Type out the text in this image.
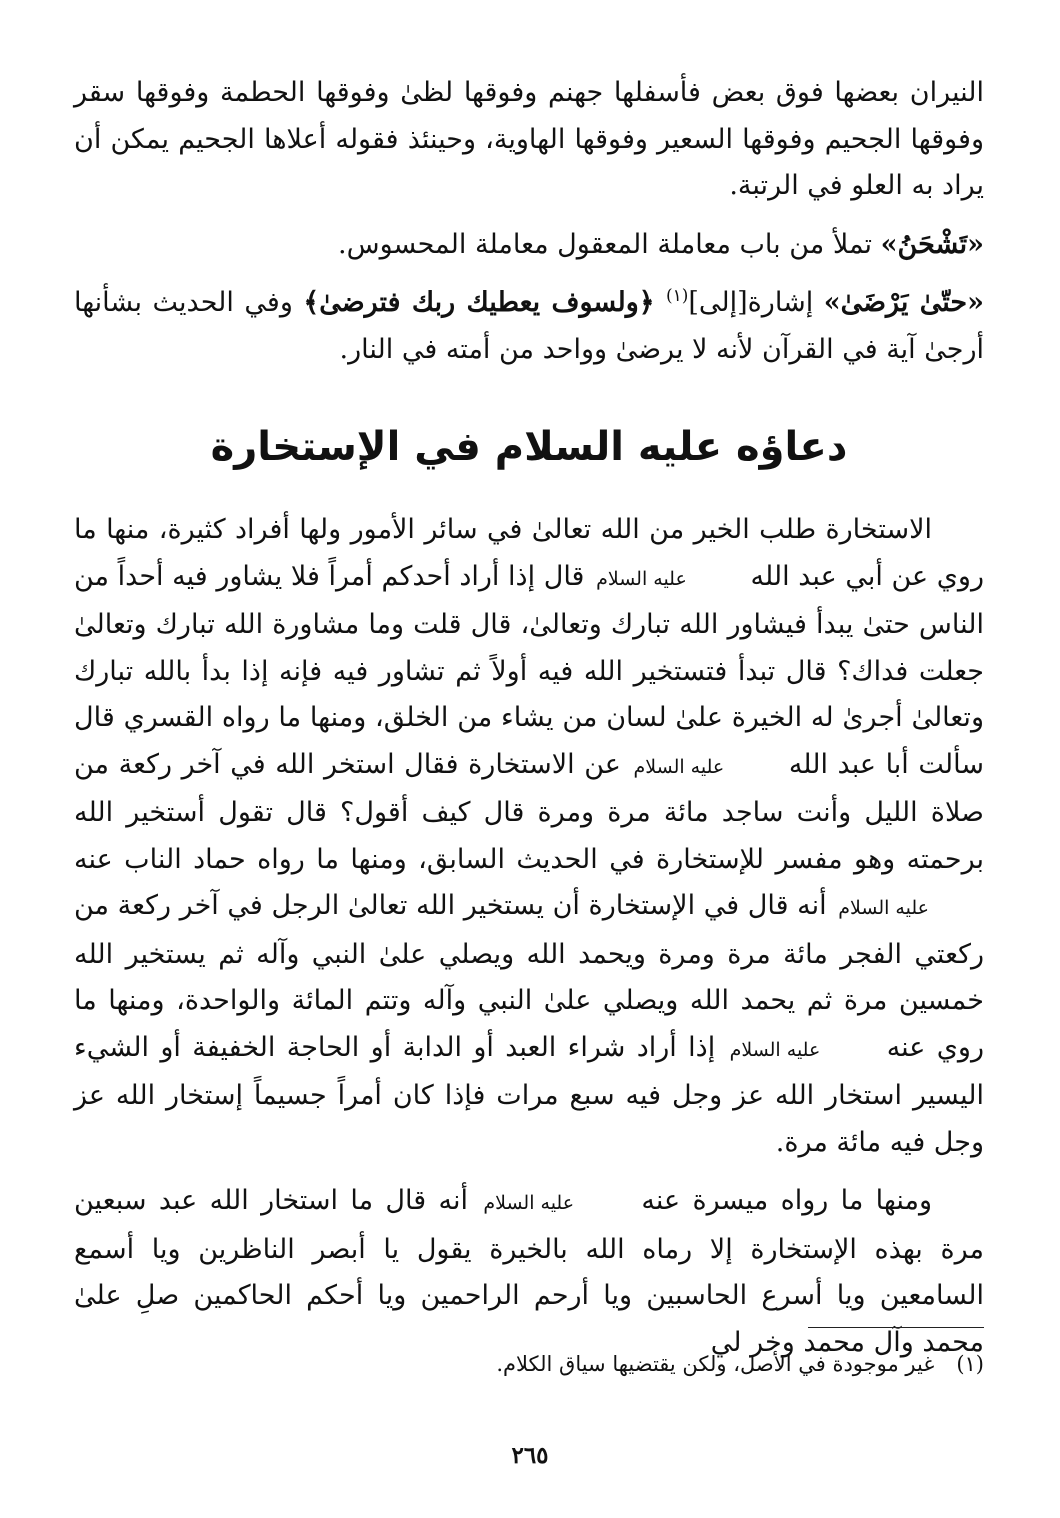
النيران بعضها فوق بعض فأسفلها جهنم وفوقها لظىٰ وفوقها الحطمة وفوقها سقر وفوقها الجحيم وفوقها السعير وفوقها الهاوية، وحينئذ فقوله أعلاها الجحيم يمكن أن يراد به العلو في الرتبة.

«تَشْحَنُ» تملأ من باب معاملة المعقول معاملة المحسوس.

«حتّىٰ يَرْضَىٰ» إشارة[إلى]$^{(١)}$ ﴿ولسوف يعطيك ربك فترضىٰ﴾ وفي الحديث بشأنها أرجىٰ آية في القرآن لأنه لا يرضىٰ وواحد من أمته في النار.

دعاؤه عليه السلام في الإستخارة

الاستخارة طلب الخير من الله تعالىٰ في سائر الأمور ولها أفراد كثيرة، منها ما روي عن أبي عبد الله عليه السلام قال إذا أراد أحدكم أمراً فلا يشاور فيه أحداً من الناس حتىٰ يبدأ فيشاور الله تبارك وتعالىٰ، قال قلت وما مشاورة الله تبارك وتعالىٰ جعلت فداك؟ قال تبدأ فتستخير الله فيه أولاً ثم تشاور فيه فإنه إذا بدأ بالله تبارك وتعالىٰ أجرىٰ له الخيرة علىٰ لسان من يشاء من الخلق، ومنها ما رواه القسري قال سألت أبا عبد الله عليه السلام عن الاستخارة فقال استخر الله في آخر ركعة من صلاة الليل وأنت ساجد مائة مرة ومرة قال كيف أقول؟ قال تقول أستخير الله برحمته وهو مفسر للإستخارة في الحديث السابق، ومنها ما رواه حماد الناب عنه عليه السلام أنه قال في الإستخارة أن يستخير الله تعالىٰ الرجل في آخر ركعة من ركعتي الفجر مائة مرة ومرة ويحمد الله ويصلي علىٰ النبي وآله ثم يستخير الله خمسين مرة ثم يحمد الله ويصلي علىٰ النبي وآله وتتم المائة والواحدة، ومنها ما روي عنه عليه السلام إذا أراد شراء العبد أو الدابة أو الحاجة الخفيفة أو الشيء اليسير استخار الله عز وجل فيه سبع مرات فإذا كان أمراً جسيماً إستخار الله عز وجل فيه مائة مرة.

ومنها ما رواه ميسرة عنه عليه السلام أنه قال ما استخار الله عبد سبعين مرة بهذه الإستخارة إلا رماه الله بالخيرة يقول يا أبصر الناظرين ويا أسمع السامعين ويا أسرع الحاسبين ويا أرحم الراحمين ويا أحكم الحاكمين صلِ علىٰ محمد وآل محمد وخر لي

(١)غير موجودة في الأصل، ولكن يقتضيها سياق الكلام.
٢٦٥
